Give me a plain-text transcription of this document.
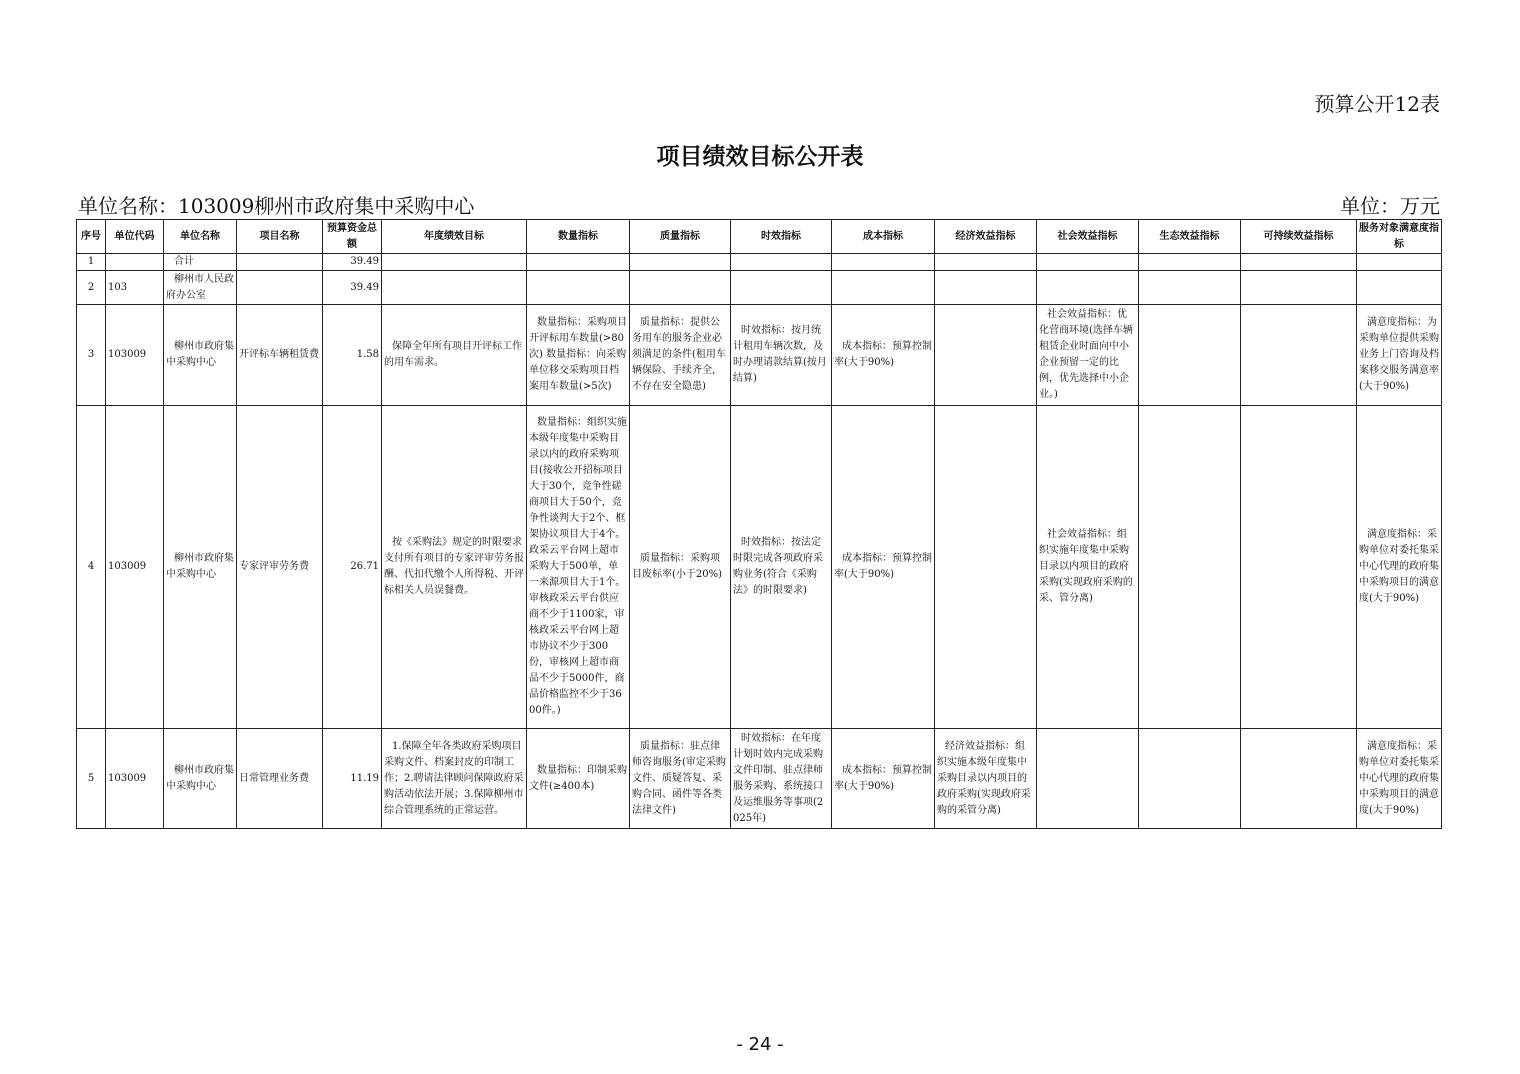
预算公开12表
项目绩效目标公开表
单位名称：103009柳州市政府集中采购中心	单位：万元
序号	单位代码	单位名称	项目名称	预算资金总额	年度绩效目标	数量指标	质量指标	时效指标	成本指标	经济效益指标	社会效益指标	生态效益指标	可持续效益指标	服务对象满意度指标
1		合计		39.49										
2	103	柳州市人民政府办公室		39.49										
3	103009	柳州市政府集中采购中心	开评标车辆租赁费	1.58	保障全年所有项目开评标工作的用车需求。	数量指标：采购项目开评标用车数量(>80次) 数量指标：向采购单位移交采购项目档案用车数量(>5次)	质量指标：提供公务用车的服务企业必须满足的条件(租用车辆保险、手续齐全，不存在安全隐患)	时效指标：按月统计租用车辆次数，及时办理请款结算(按月结算)	成本指标：预算控制率(大于90%)		社会效益指标：优化营商环境(选择车辆租赁企业时面向中小企业预留一定的比例，优先选择中小企业。)			满意度指标：为采购单位提供采购业务上门咨询及档案移交服务满意率(大于90%)
4	103009	柳州市政府集中采购中心	专家评审劳务费	26.71	按《采购法》规定的时限要求支付所有项目的专家评审劳务报酬、代扣代缴个人所得税、开评标相关人员误餐费。	数量指标：组织实施本级年度集中采购目录以内的政府采购项目(接收公开招标项目大于30个，竞争性磋商项目大于50个，竞争性谈判大于2个、框架协议项目大于4个。政采云平台网上超市采购大于500单，单一来源项目大于1个。审核政采云平台供应商不少于1100家，审核政采云平台网上超市协议不少于300份，审核网上超市商品不少于5000件，商品价格监控不少于3600件。)	质量指标：采购项目废标率(小于20%)	时效指标：按法定时限完成各项政府采购业务(符合《采购法》的时限要求)	成本指标：预算控制率(大于90%)		社会效益指标：组织实施年度集中采购目录以内项目的政府采购(实现政府采购的采、管分离)			满意度指标：采购单位对委托集采中心代理的政府集中采购项目的满意度(大于90%)
5	103009	柳州市政府集中采购中心	日常管理业务费	11.19	1.保障全年各类政府采购项目采购文件、档案封皮的印制工作；2.聘请法律顾问保障政府采购活动依法开展；3.保障柳州市综合管理系统的正常运营。	数量指标：印制采购文件(≥400本)	质量指标：驻点律师咨询服务(审定采购文件、质疑答复、采购合同、函件等各类法律文件)	时效指标：在年度计划时效内完成采购文件印制、驻点律师服务采购、系统接口及运维服务等事项(2025年)	成本指标：预算控制率(大于90%)	经济效益指标：组织实施本级年度集中采购目录以内项目的政府采购(实现政府采购的采管分离)				满意度指标：采购单位对委托集采中心代理的政府集中采购项目的满意度(大于90%)
- 24 -
